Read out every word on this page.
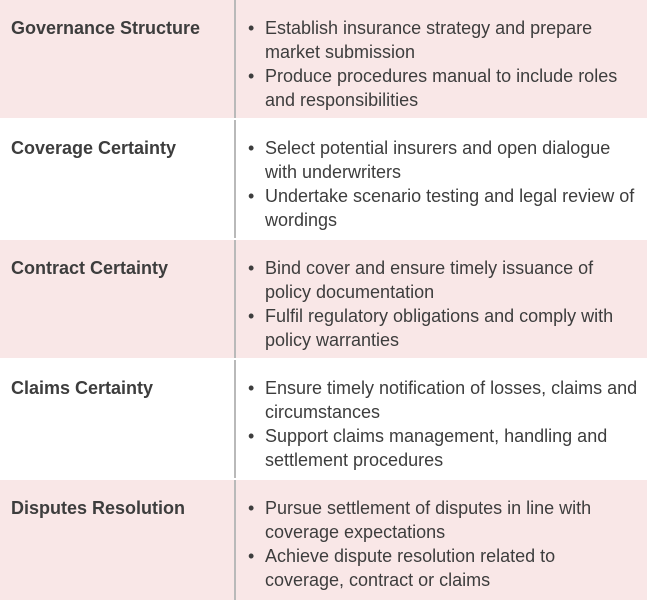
Governance Structure	• Establish insurance strategy and prepare market submission
• Produce procedures manual to include roles and responsibilities
Coverage Certainty	• Select potential insurers and open dialogue with underwriters
• Undertake scenario testing and legal review of wordings
Contract Certainty	• Bind cover and ensure timely issuance of policy documentation
• Fulfil regulatory obligations and comply with policy warranties
Claims Certainty	• Ensure timely notification of losses, claims and circumstances
• Support claims management, handling and settlement procedures
Disputes Resolution	• Pursue settlement of disputes in line with coverage expectations
• Achieve dispute resolution related to coverage, contract or claims
